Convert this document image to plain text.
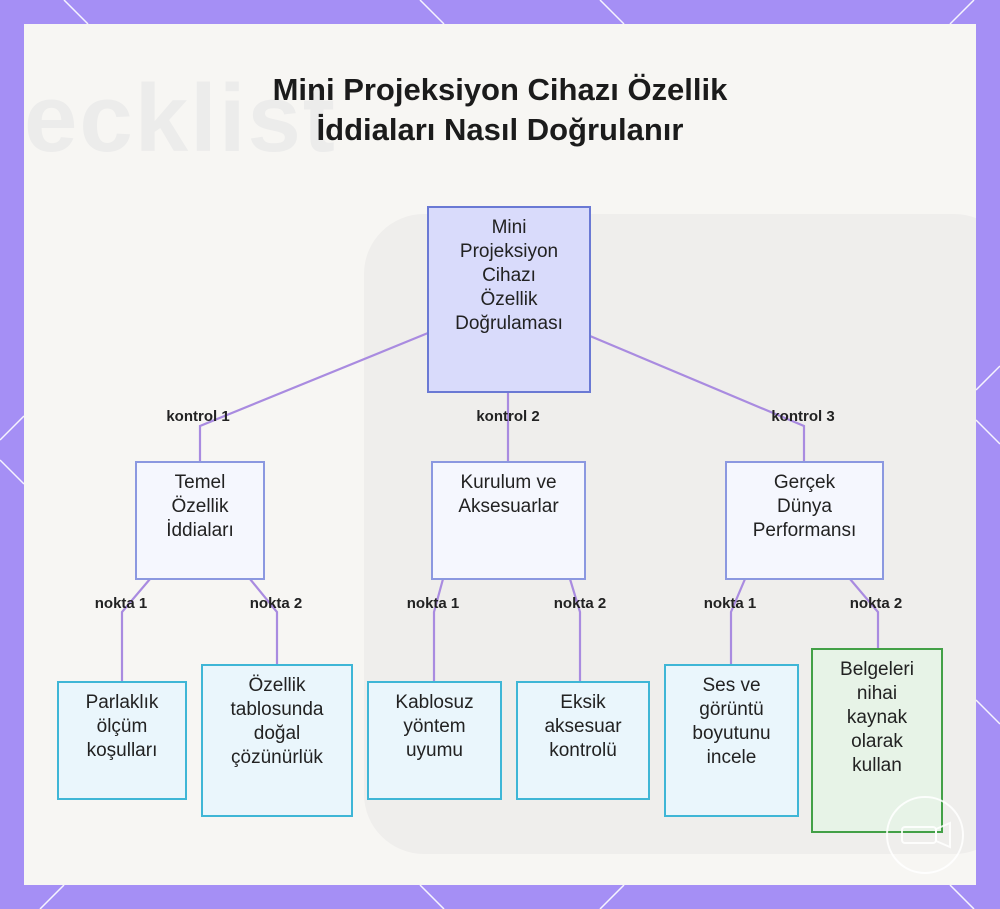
ecklist
Mini Projeksiyon Cihazı Özellik
İddiaları Nasıl Doğrulanır
Mini
Projeksiyon
Cihazı
Özellik
Doğrulaması
Temel
Özellik
İddiaları
Kurulum ve
Aksesuarlar
Gerçek
Dünya
Performansı
Parlaklık
ölçüm
koşulları
Özellik
tablosunda
doğal
çözünürlük
Kablosuz
yöntem
uyumu
Eksik
aksesuar
kontrolü
Ses ve
görüntü
boyutunu
incele
Belgeleri
nihai
kaynak
olarak
kullan
kontrol 1	kontrol 2	kontrol 3
nokta 1	nokta 2	nokta 1	nokta 2	nokta 1	nokta 2
